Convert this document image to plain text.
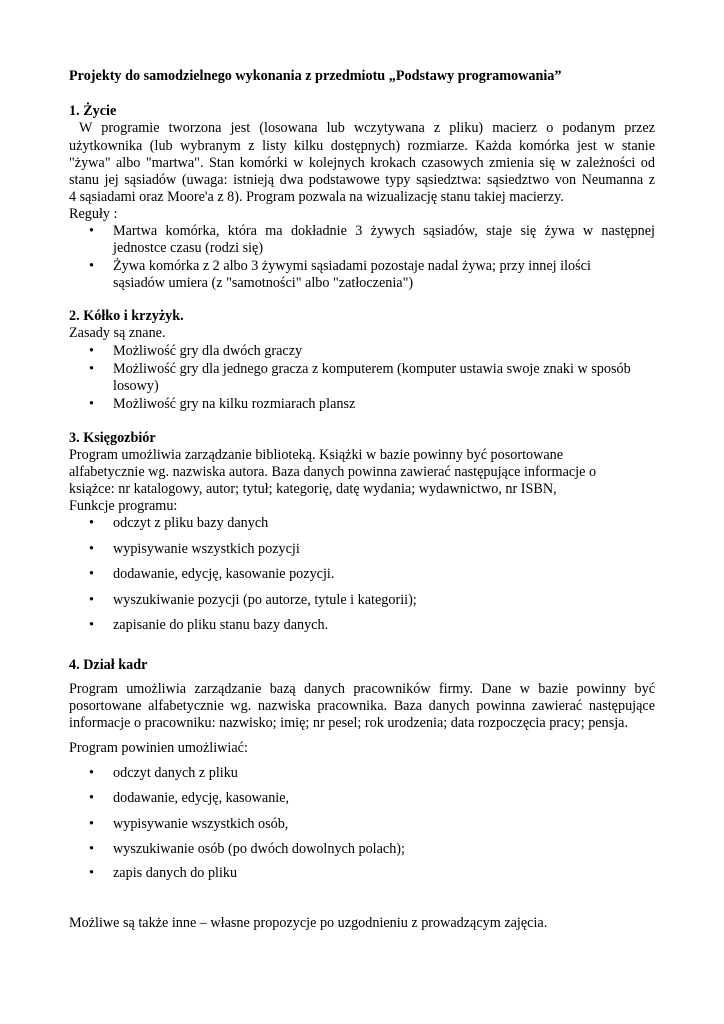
Projekty do samodzielnego wykonania z przedmiotu „Podstawy programowania”
1. Życie
W programie tworzona jest (losowana lub wczytywana z pliku) macierz o podanym przez
użytkownika (lub wybranym z listy kilku dostępnych) rozmiarze. Każda komórka jest w stanie
"żywa" albo "martwa". Stan komórki w kolejnych krokach czasowych zmienia się w zależności od
stanu jej sąsiadów (uwaga: istnieją dwa podstawowe typy sąsiedztwa: sąsiedztwo von Neumanna z
4 sąsiadami oraz Moore'a z 8). Program pozwala na wizualizację stanu takiej macierzy.
Reguły :
•	Martwa komórka, która ma dokładnie 3 żywych sąsiadów, staje się żywa w następnej
jednostce czasu (rodzi się)
•	Żywa komórka z 2 albo 3 żywymi sąsiadami pozostaje nadal żywa; przy innej ilości
sąsiadów umiera (z "samotności" albo "zatłoczenia")
2. Kółko i krzyżyk.
Zasady są znane.
•	Możliwość gry dla dwóch graczy
•	Możliwość gry dla jednego gracza z komputerem (komputer ustawia swoje znaki w sposób
losowy)
•	Możliwość gry na kilku rozmiarach plansz
3. Księgozbiór
Program umożliwia zarządzanie biblioteką. Książki w bazie powinny być posortowane
alfabetycznie wg. nazwiska autora. Baza danych powinna zawierać następujące informacje o
książce: nr katalogowy, autor; tytuł; kategorię, datę wydania; wydawnictwo, nr ISBN,
Funkcje programu:
•	odczyt z pliku bazy danych
•	wypisywanie wszystkich pozycji
•	dodawanie, edycję, kasowanie pozycji.
•	wyszukiwanie pozycji (po autorze, tytule i kategorii);
•	zapisanie do pliku stanu bazy danych.
4. Dział kadr
Program umożliwia zarządzanie bazą danych pracowników firmy. Dane w bazie powinny być
posortowane alfabetycznie wg. nazwiska pracownika. Baza danych powinna zawierać następujące
informacje o pracowniku: nazwisko; imię; nr pesel; rok urodzenia; data rozpoczęcia pracy; pensja.
Program powinien umożliwiać:
•	odczyt danych z pliku
•	dodawanie, edycję, kasowanie,
•	wypisywanie wszystkich osób,
•	wyszukiwanie osób (po dwóch dowolnych polach);
•	zapis danych do pliku
Możliwe są także inne – własne propozycje po uzgodnieniu z prowadzącym zajęcia.
